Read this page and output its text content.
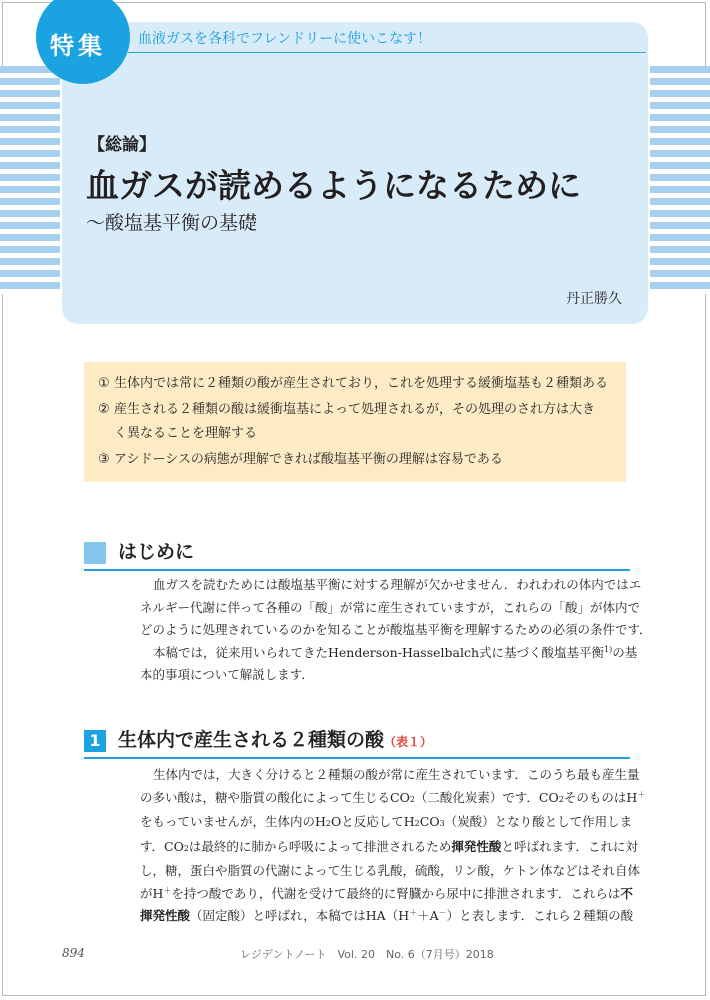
特集 血液ガスを各科でフレンドリーに使いこなす！
【総論】
血ガスが読めるようになるために
～酸塩基平衡の基礎
丹正勝久
① 生体内では常に２種類の酸が産生されており，これを処理する緩衝塩基も２種類ある
② 産生される２種類の酸は緩衝塩基によって処理されるが，その処理のされ方は大き
く異なることを理解する
③ アシドーシスの病態が理解できれば酸塩基平衡の理解は容易である
はじめに
血ガスを読むためには酸塩基平衡に対する理解が欠かせません．われわれの体内ではエ
ネルギー代謝に伴って各種の「酸」が常に産生されていますが，これらの「酸」が体内で
どのように処理されているのかを知ることが酸塩基平衡を理解するための必須の条件です．
本稿では，従来用いられてきたHenderson-Hasselbalch式に基づく酸塩基平衡$^{1)}$の基
本的事項について解説します．
1 生体内で産生される２種類の酸（表１）
生体内では，大きく分けると２種類の酸が常に産生されています．このうち最も産生量
の多い酸は，糖や脂質の酸化によって生じるCO2（二酸化炭素）です．CO2そのものはH＋
をもっていませんが，生体内のH2Oと反応してH2CO3（炭酸）となり酸として作用しま
す．CO2は最終的に肺から呼吸によって排泄されるため揮発性酸と呼ばれます．これに対
し，糖，蛋白や脂質の代謝によって生じる乳酸，硫酸，リン酸，ケトン体などはそれ自体
がH＋を持つ酸であり，代謝を受けて最終的に腎臓から尿中に排泄されます．これらは不
揮発性酸（固定酸）と呼ばれ，本稿ではHA（H＋＋A－）と表します．これら２種類の酸
894	レジデントノート　Vol. 20　No. 6（7月号）2018
